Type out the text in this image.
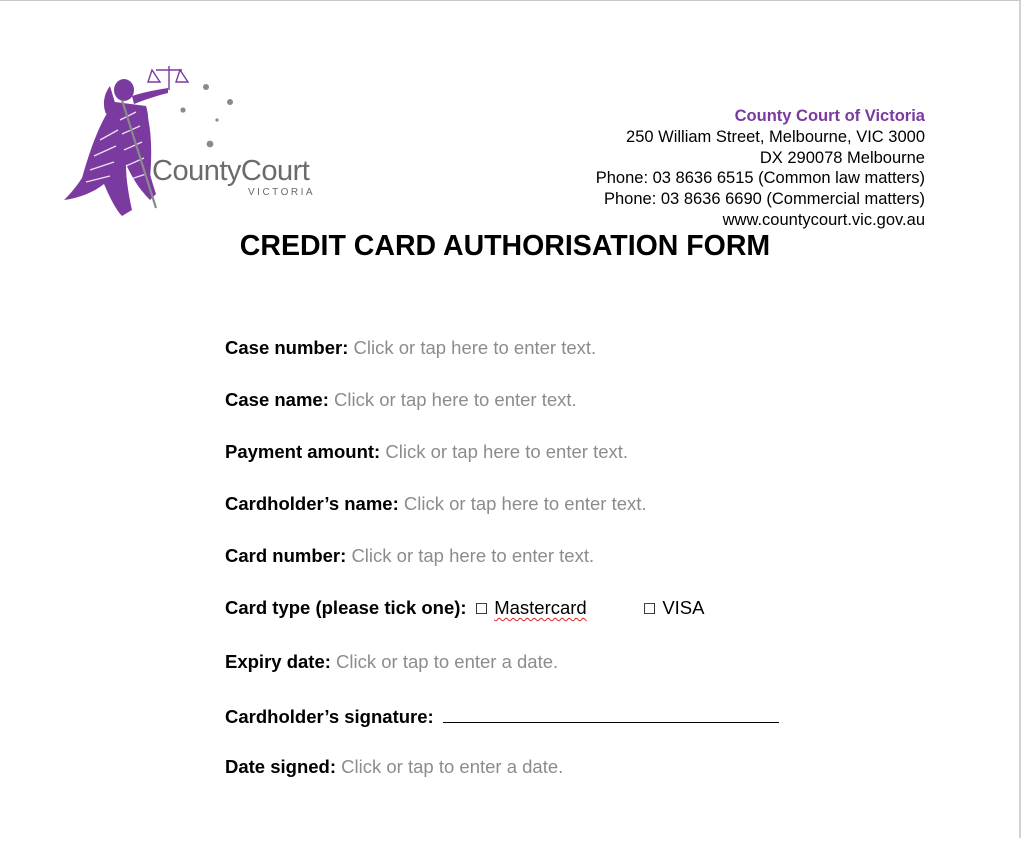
CountyCourt
VICTORIA
County Court of Victoria
250 William Street, Melbourne, VIC 3000
DX 290078 Melbourne
Phone: 03 8636 6515 (Common law matters)
Phone: 03 8636 6690 (Commercial matters)
www.countycourt.vic.gov.au
CREDIT CARD AUTHORISATION FORM
Case number: Click or tap here to enter text.
Case name: Click or tap here to enter text.
Payment amount: Click or tap here to enter text.
Cardholder’s name: Click or tap here to enter text.
Card number: Click or tap here to enter text.
Card type (please tick one): ☐ Mastercard	☐ VISA
Expiry date: Click or tap to enter a date.
Cardholder’s signature:
Date signed: Click or tap to enter a date.
